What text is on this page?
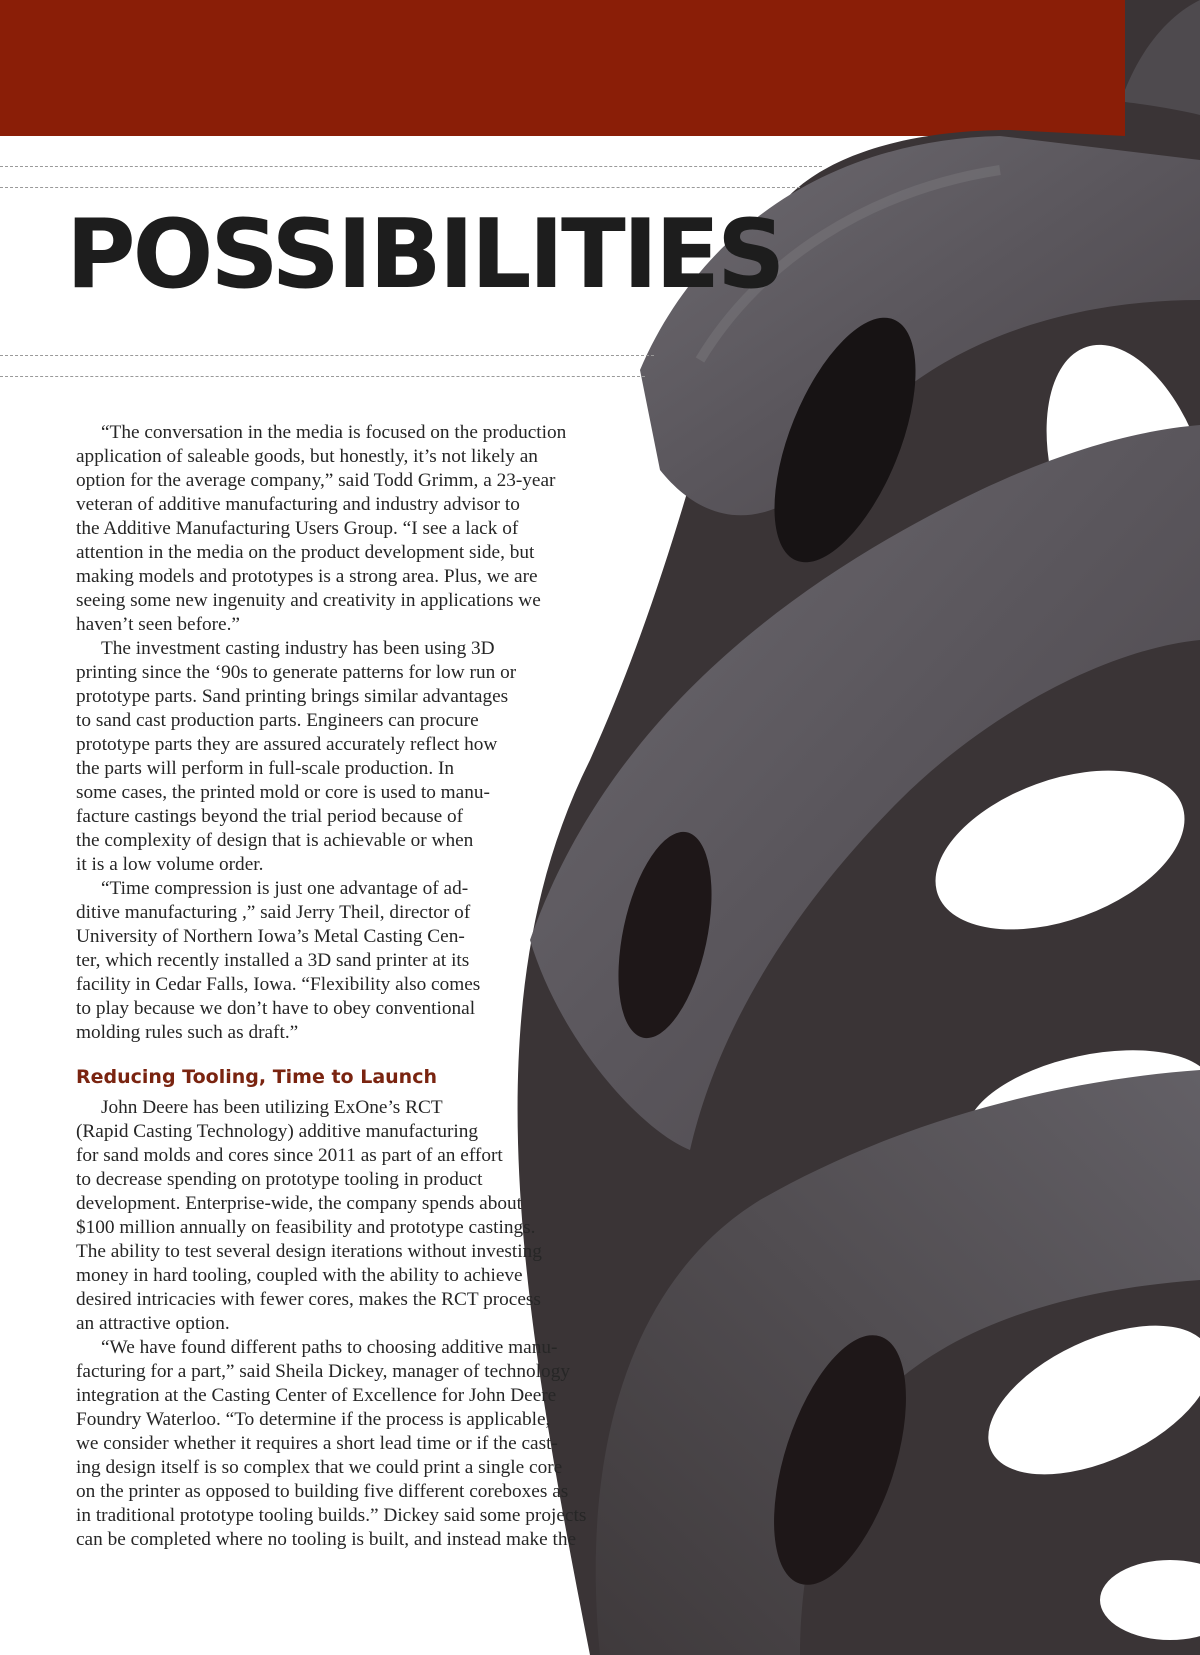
POSSIBILITIES
“The conversation in the media is focused on the production
application of saleable goods, but honestly, it’s not likely an
option for the average company,” said Todd Grimm, a 23-year
veteran of additive manufacturing and industry advisor to
the Additive Manufacturing Users Group. “I see a lack of
attention in the media on the product development side, but
making models and prototypes is a strong area. Plus, we are
seeing some new ingenuity and creativity in applications we
haven’t seen before.”
The investment casting industry has been using 3D
printing since the ‘90s to generate patterns for low run or
prototype parts. Sand printing brings similar advantages
to sand cast production parts. Engineers can procure
prototype parts they are assured accurately reflect how
the parts will perform in full-scale production. In
some cases, the printed mold or core is used to manu-
facture castings beyond the trial period because of
the complexity of design that is achievable or when
it is a low volume order.
“Time compression is just one advantage of ad-
ditive manufacturing ,” said Jerry Theil, director of
University of Northern Iowa’s Metal Casting Cen-
ter, which recently installed a 3D sand printer at its
facility in Cedar Falls, Iowa. “Flexibility also comes
to play because we don’t have to obey conventional
molding rules such as draft.”
Reducing Tooling, Time to Launch
John Deere has been utilizing ExOne’s RCT
(Rapid Casting Technology) additive manufacturing
for sand molds and cores since 2011 as part of an effort
to decrease spending on prototype tooling in product
development. Enterprise-wide, the company spends about
$100 million annually on feasibility and prototype castings.
The ability to test several design iterations without investing
money in hard tooling, coupled with the ability to achieve
desired intricacies with fewer cores, makes the RCT process
an attractive option.
“We have found different paths to choosing additive manu-
facturing for a part,” said Sheila Dickey, manager of technology
integration at the Casting Center of Excellence for John Deere
Foundry Waterloo. “To determine if the process is applicable,
we consider whether it requires a short lead time or if the cast-
ing design itself is so complex that we could print a single core
on the printer as opposed to building five different coreboxes as
in traditional prototype tooling builds.” Dickey said some projects
can be completed where no tooling is built, and instead make the
